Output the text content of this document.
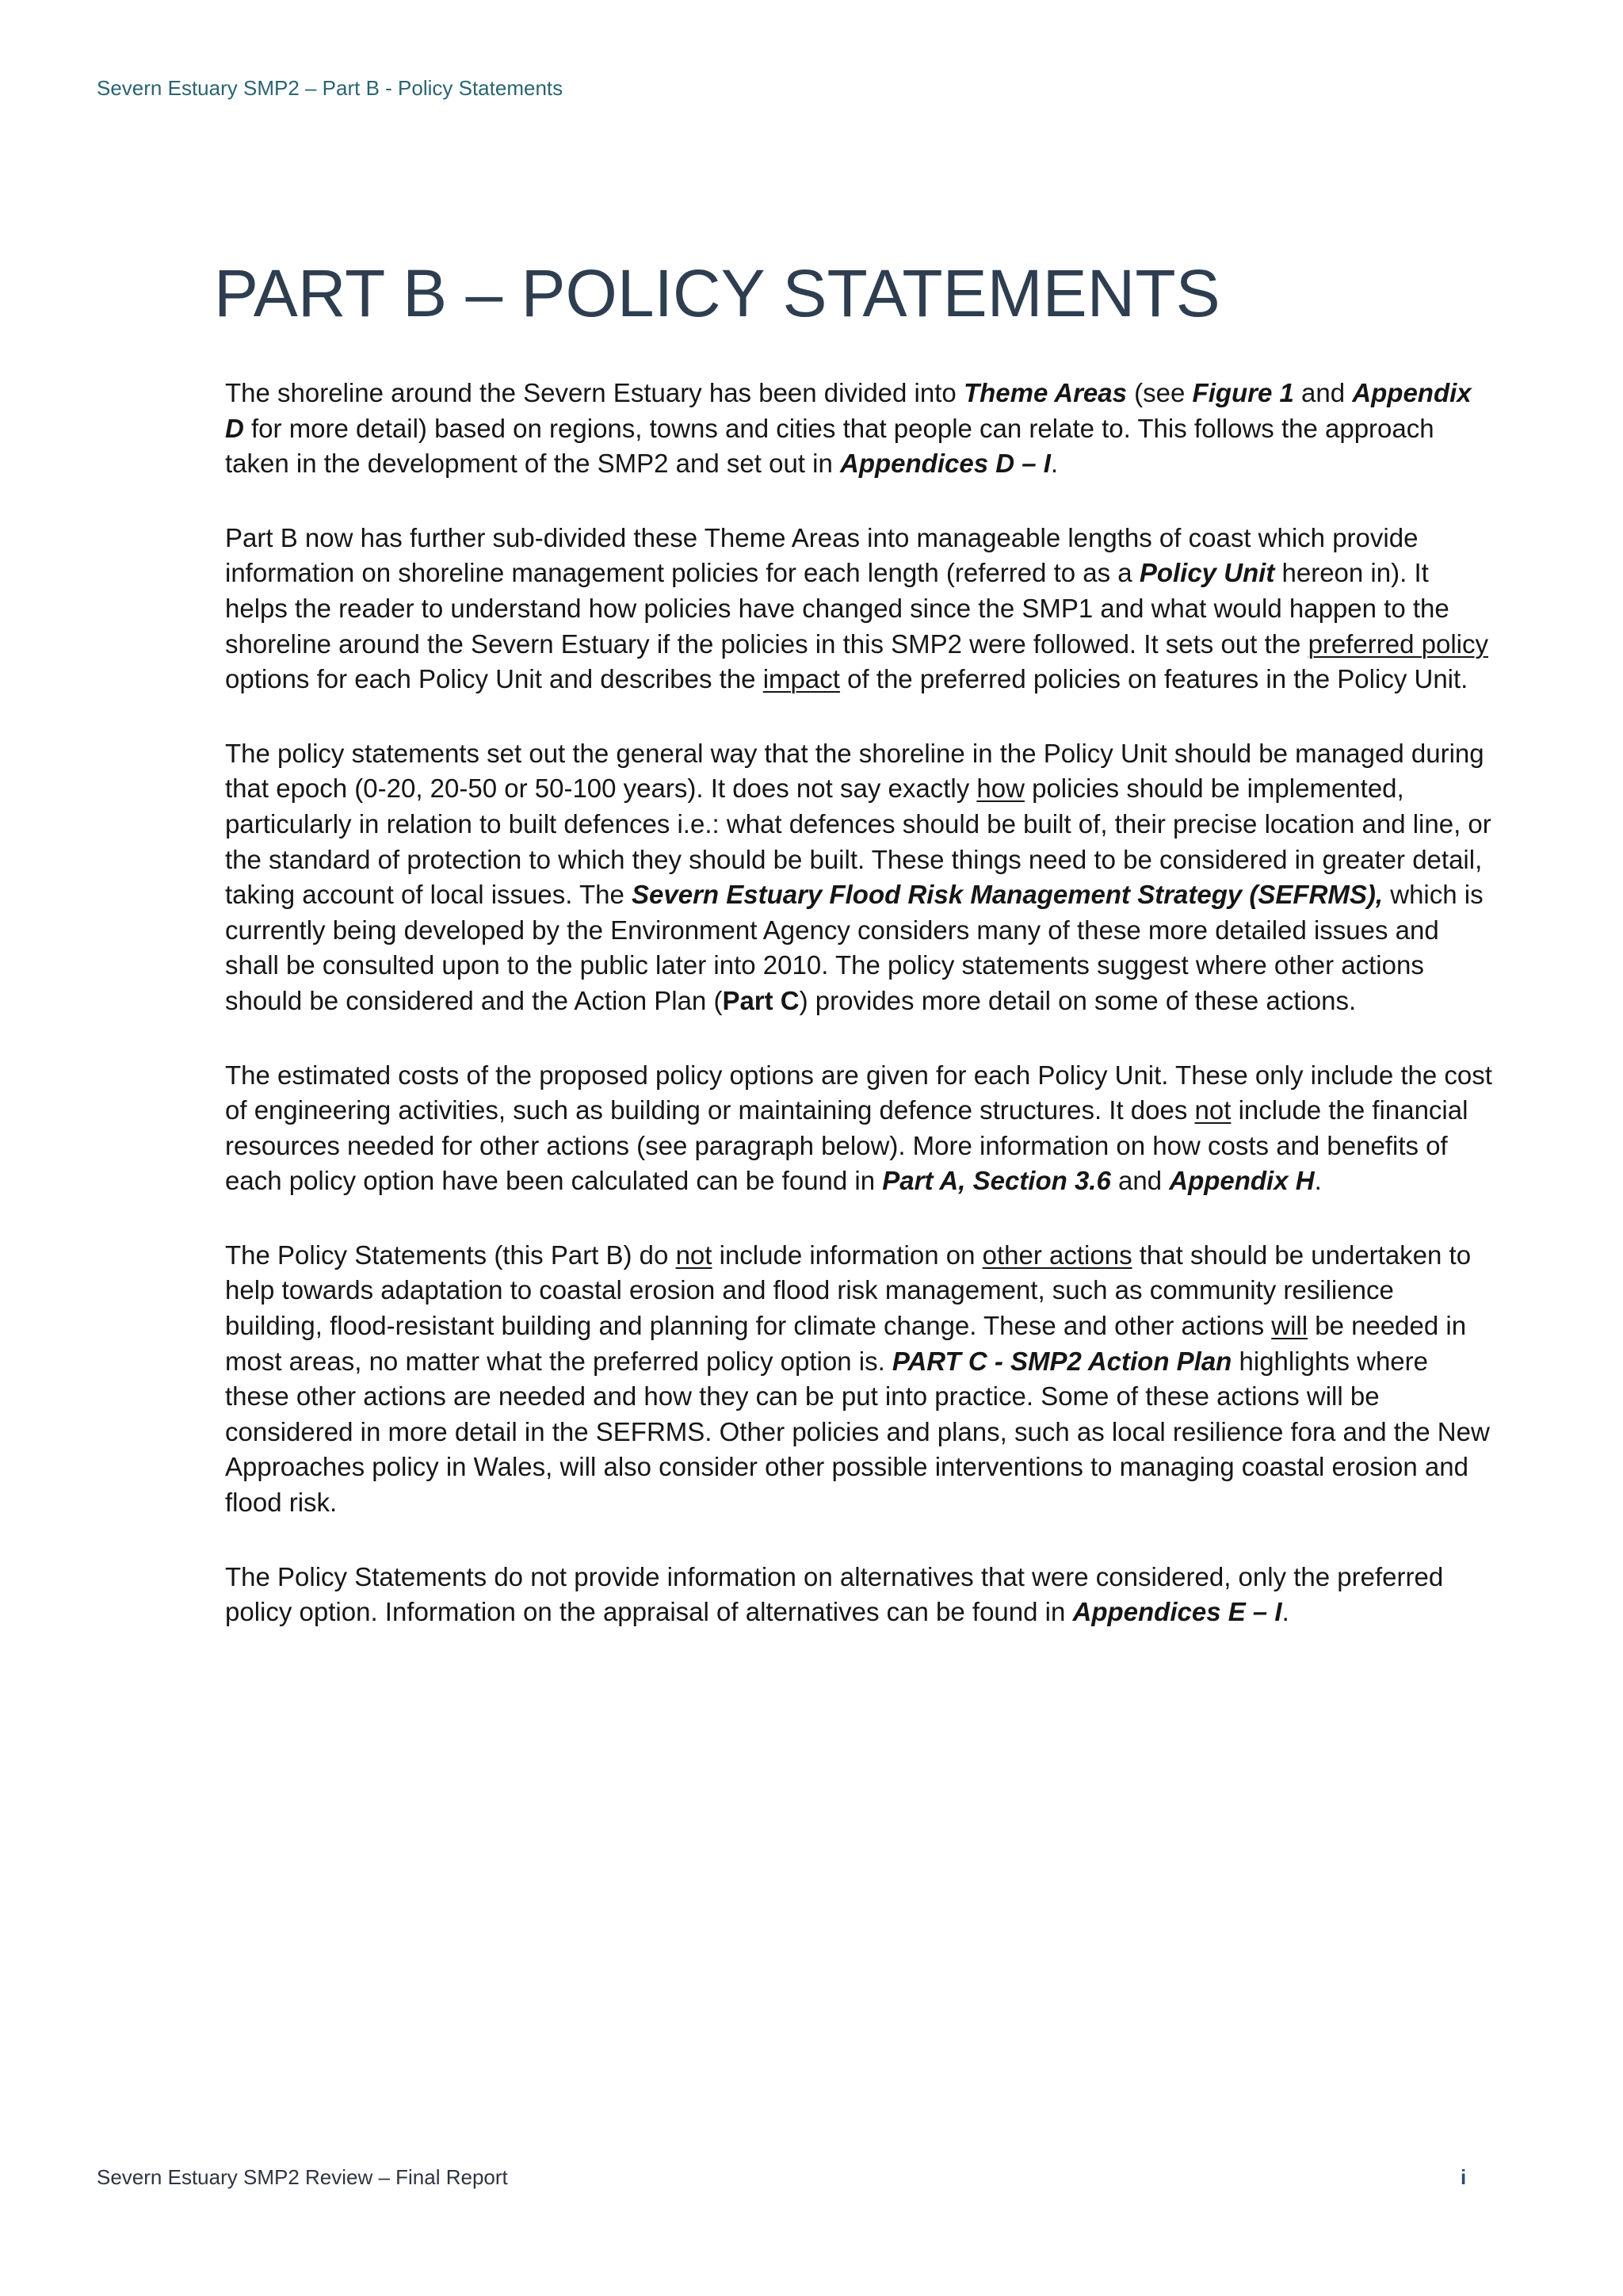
Severn Estuary SMP2 – Part B - Policy Statements
PART B – POLICY STATEMENTS

The shoreline around the Severn Estuary has been divided into Theme Areas (see Figure 1 and Appendix D for more detail) based on regions, towns and cities that people can relate to. This follows the approach taken in the development of the SMP2 and set out in Appendices D – I.

Part B now has further sub-divided these Theme Areas into manageable lengths of coast which provide information on shoreline management policies for each length (referred to as a Policy Unit hereon in). It helps the reader to understand how policies have changed since the SMP1 and what would happen to the shoreline around the Severn Estuary if the policies in this SMP2 were followed. It sets out the preferred policy options for each Policy Unit and describes the impact of the preferred policies on features in the Policy Unit.

The policy statements set out the general way that the shoreline in the Policy Unit should be managed during that epoch (0-20, 20-50 or 50-100 years). It does not say exactly how policies should be implemented, particularly in relation to built defences i.e.: what defences should be built of, their precise location and line, or the standard of protection to which they should be built. These things need to be considered in greater detail, taking account of local issues. The Severn Estuary Flood Risk Management Strategy (SEFRMS), which is currently being developed by the Environment Agency considers many of these more detailed issues and shall be consulted upon to the public later into 2010. The policy statements suggest where other actions should be considered and the Action Plan (Part C) provides more detail on some of these actions.

The estimated costs of the proposed policy options are given for each Policy Unit. These only include the cost of engineering activities, such as building or maintaining defence structures. It does not include the financial resources needed for other actions (see paragraph below). More information on how costs and benefits of each policy option have been calculated can be found in Part A, Section 3.6 and Appendix H.

The Policy Statements (this Part B) do not include information on other actions that should be undertaken to help towards adaptation to coastal erosion and flood risk management, such as community resilience building, flood-resistant building and planning for climate change. These and other actions will be needed in most areas, no matter what the preferred policy option is. PART C - SMP2 Action Plan highlights where these other actions are needed and how they can be put into practice. Some of these actions will be considered in more detail in the SEFRMS. Other policies and plans, such as local resilience fora and the New Approaches policy in Wales, will also consider other possible interventions to managing coastal erosion and flood risk.

The Policy Statements do not provide information on alternatives that were considered, only the preferred policy option. Information on the appraisal of alternatives can be found in Appendices E – I.

Severn Estuary SMP2 Review – Final Report	i
